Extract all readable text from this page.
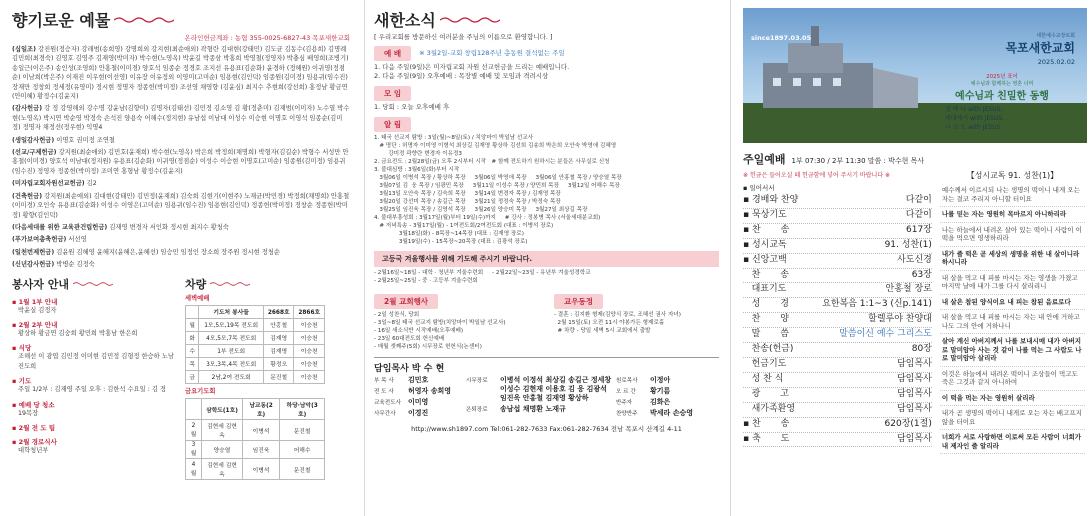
향기로운 예물
온라인헌금계좌 : 농협 355-0025-6827-43 목포새한교회
(십일조) 강진원(정승자) 강래범(송희영) 강명희외 강지현(최순애외) 곽형란 김대현(강태민) 김도균 김동수(김용희) 김명례 김민희(최경숙) 김영호 김영주 김재영(박미자) 박수현(노영옥) 박윤길 박종삼 박홍희 박영철(정영자) 박충심 배영희(조병기) 송일근(이은주) 송인성(조영희) 안홍철(이미경) 양호석 임종순 정경호 조지선 유용표(김순화) 윤경하 (정혜원) 이귀영(정점순) 이남희(박은주) 이재진 이우현(이선영) 이유장 이유정외 이영미(고미순) 임용현(김인덕) 임종원(김미정) 임용귀(임수진) 장재만 정창희 정세정(유영미) 정시현 정명자 정종헌(박미정) 조선영 채영향 (김윤심) 최지수 추현희(강선희) 홍정남 황금연(안미혜) 황정수(김윤지)
(감사헌금) 강 정 강영해외 강수명 강윤남(김향미) 김명자(김태선) 김민정 김소영 김 황(정춘미) 김재범(이미자) 노수열 박수현(노영옥) 박시연 박순영 박정숙 손석진 양용숙 어해수(정지현) 유남섭 이남대 이성수 이승현 이명호 이영석 임종순(김미정) 정명자 채정선(정우현) 익명4
(생일감사헌금) 이명호 권미정 조연철
(선교/구제헌금) 강지원(최순애외) 김민호(윤재희) 박수현(노영옥) 박은희 박정희(채명희) 박형자(김길순) 박형수 서성만 안홍철(이미경) 양호석 이남대(정지원) 유용표(김순화) 이귀영(정점순) 이성수 이승현 이명호(고미순) 임종원(김미정) 임용귀(임수진) 정영자 정종헌(박미정) 조미연 홍형남 황정수(김윤지)
(미자립교회자원선교헌금) 김2
(건축헌금) 강지원(최순애외) 김대현(강태민) 김민정(윤재희) 김숙희 김현기(이현주) 노재균(박민경) 박정희(채명희) 안홍철(이미경) 오인숙 유용표(김순화) 이성수 이영은(고미순) 임용귀(임수진) 임용현(김인덕) 정종헌(박미정) 정창순 정종헌(박미정) 황향(김인덕)
(다음세대를 위한 교육관건립헌금) 김재영 변경자 서인화 정시현 최지수 황청숙
(푸가보여총축헌금) 서선영
(일천번제헌금) 김윤원 김혜영 윤혜지(윤혜은,윤혜선) 임승민 임정인 장소희 장주원 정시현 정청순
(신년감사헌금) 박병순 김정숙
봉사자 안내
▪ 1월 1부 안내
박윤실 김정자
▪ 2월 2부 안내
황상하 황금연 김숭희 황민희 박홍남 한은희
▪ 식당
조해선 이 광엽 김민정 이미현 김민정 김형정 한승하 노남진도희
▪ 기도
주일 1/2부 : 김재영 주일 오후 : 김한석 수요일 : 김 정
▪ 예배 당 청소
19목장
▪ 2월 전 도 팀
▪ 2월 경로식사
대학청년부
차량
세벽예배
	기도처 봉사들	2668호	2866호
월	1모,5모,19목 전도회	안홍철	이승천
화	4모,5모,7목 전도회	김재영	이승천
수	1부 전도회	김재명	이승천
목	3모,3목,4목 전도회	황정오	이승천
금	2남,2여 전도회	문진철	이승천
금요기도회
	삼학도(1호)	남교동(2호)	하당·남악(3호)
2월	김현세 김현옥	이병석	문진철
3월	양승열	임진욱	어해수
4월	김현세 김현옥	이병석	문진철
새한소식
[ 우리교회를 방문하신 여러분을 주님의 이름으로 환영합니다. ]
예 배	※ 3월2일-교회 창립128주년 총동원 결석없는 주일
1. 다음 주일(9일)은 미자립교회 자원 선교헌금을 드리는 예배입니다.
2. 다음 주일(9일) 오후예배 : 목장별 예배 및 모임과 격려시상
모 임
1. 당회 : 오늘 오후예배 후
알 림
1. 태국 선교지 탐방 : 3일(월)~8일(토) / 치앙마이 박일남 선교사
# 명단 : 허명자 이미영 이형석 최상길 김재영 황상하 김선희 김송희 박은희 오안숙 박영애 김혜영
강미정 곽향란 변경자 이유정3
2. 금요전도 : 2월28일(금) 오후 2시부터 시작   # 함께 전도하기 원하시는 분들은 사무실로 신청
3. 불대심방 : 3월6일(화)부터 시작
3월06일 이병석 목장 / 황상하 목장     3월06일 박영애 목장     3월06일 안홍철 목장 / 양승열 목장
3월07일 김  웅 목장 / 임광민 목장     3월11일 이성수 목장 / 양민희 목장     3월12일 어해수 목장
3월13일 오안숙 목장 / 김숙희 목장     3월14일 변경자 목장 / 김재영 목장
3월20일 강선미 목장 / 송길근 목장     3월21일 정정숙 목장 / 박정숙 목장
3월25일 임진욱 목장 / 김영석 목장     3월26일 양승미 목장     3월27일 최상길 목장
4. 불대부흥성회 : 3월17일(월)부터 19일(수)까지     # 강사 : 정봉병 목사 (서울세대분교회)
# 저녁특송 - 3월17일(월) - 1여전도회/2여전도회 (대표 : 이병석 장로)
3월18일(화) - 8목장~14목장 (대표 : 김재영 장로)
3월19일(수) - 15목장~20목장 (대표 : 김광석 장로)
고등국 겨울행사를 위해 기도해 주시기 바랍니다.
- 2월16일~18일 - 대학 · 청년부 겨울수련회     - 2월22일~23일 - 유년부 겨울성경학교
- 2월25일~25일 - 중 · 고등부 겨울수련회
2월 교회행사
- 2일 성찬식, 당회
- 3일~8일 태국 선교지 탐방(치앙마이 박일남 선교사)
- 16일 새소식반 시작예배(오후예배)
- 23일 60대전도회 헌신예배
- 매월 셋째주(5회) 시무장로 헌헌식(논센터)
교우동정
- 결혼 : 김지환 형제(김양식 장로, 조혜선 권사 자녀)
2월 15일(토) 오전 11시 야봉가든 형제로홀
# 차량 - 당일 새벽 5시 교회에서 출발
담임목사 박 수 현
부 목 사	김민호
전 도 사	허영자 송희영
교육전도사 이미영
사무간사	이경진
시무장로	이병석 이정석 최상길 송길근 정세창 이성수 김현재 이용호 김 웅 김광석 임진욱 안홍철 김재영 황상하
은퇴장로	송남섭 채명환 노재규
원로목사	이정아
오 르 간	황기름
반주자	김화은
찬양반주	박세라 손승영
http://www.sh1897.com Tel:061-282-7633 Fax:061-282-7634 전남 목포시 산계길 4-11
since1897.03.05	대한예수교장로회
목포새한교회
2025.02.02
2025년 표어
예수님과 함께하는 영혼 너머
예수님과 친밀한 동행
설 에 나 with JESUS,
세대에서 with JESUS,
나 교 도 with JESUS.
주일예배 1부 07:30 / 2부 11:30 말씀 : 박수현 목사
※ 헌금은 들어오실 때 헌금함에 넣어 주시기 바랍니다 ※
▪ 일어서서
▪ 경배와 찬양	다같이
▪ 묵상기도	다같이
▪ 찬       송	617장
▪ 성시교독	91. 성찬(1)
▪ 신앙고백	사도신경
찬       송	63장
대표기도	안홍철 장로
성       경	요한복음 1:1~3 (신p.141)
찬       양	할렐루야 찬양대
말       씀	말씀이신 예수 그리스도
찬송(헌금)	80장
헌금기도	담임목사
성 찬 식	담임목사
광       고	담임목사
새가족환영	담임목사
▪ 찬       송	620장(1절)
▪ 축       도	담임목사
【성시교독 91. 성찬(1)】
예수께서 이르시되 나는 생명의 떡이니 내게 오는 자는 결코 주리지 아니할 터이요
나를 믿는 자는 영원히 목마르지 아니하리라
나는 하늘에서 내려온 살아 있는 떡이니 사람이 이 떡을 먹으면 영생하리라
내가 줄 떡은 곧 세상의 생명을 위한 내 살이니라 하시니라
내 살을 먹고 내 피를 마시는 자는 영생을 가졌고 마지막 날에 내가 그를 다시 살리리니
내 살은 참된 양식이요 내 피는 참된 음료로다
내 살을 먹고 내 피를 마시는 자는 내 안에 거하고 나도 그의 안에 거하나니
살아 계신 아버지께서 나를 보내시매 내가 아버지로 말미암아 사는 것 같이 나를 먹는 그 사람도 나로 말미암아 살리라
이것은 하늘에서 내려온 떡이니 조상들이 먹고도 죽은 그것과 같지 아니하여
이 떡을 먹는 자는 영원히 살리라
내가 곧 생명의 떡이니 내게로 오는 자는 배고프지 않을 터이요
너희가 서로 사랑하면 이로써 모든 사람이 너희가 내 제자인 줄 알리라
